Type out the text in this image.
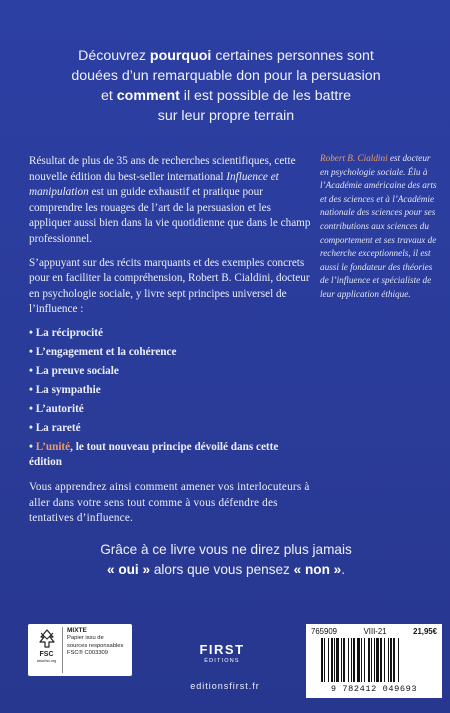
Découvrez pourquoi certaines personnes sont
douées d’un remarquable don pour la persuasion
et comment il est possible de les battre
sur leur propre terrain

Résultat de plus de 35 ans de recherches scientifiques, cette nouvelle édition du best-seller international Influence et manipulation est un guide exhaustif et pratique pour comprendre les rouages de l’art de la persuasion et les appliquer aussi bien dans la vie quotidienne que dans le champ professionnel.

S’appuyant sur des récits marquants et des exemples concrets pour en faciliter la compréhension, Robert B. Cialdini, docteur en psychologie sociale, y livre sept principes universel de l’influence :

• La réciprocité
• L’engagement et la cohérence
• La preuve sociale
• La sympathie
• L’autorité
• La rareté
• L’unité, le tout nouveau principe dévoilé dans cette édition

Vous apprendrez ainsi comment amener vos interlocuteurs à aller dans votre sens tout comme à vous défendre des tentatives d’influence.

Robert B. Cialdini est docteur en psychologie sociale. Élu à l’Académie américaine des arts et des sciences et à l’Académie nationale des sciences pour ses contributions aux sciences du comportement et ses travaux de recherche exceptionnels, il est aussi le fondateur des théories de l’influence et spécialiste de leur application éthique.
Grâce à ce livre vous ne direz plus jamais
« oui » alors que vous pensez « non ».
FSC
www.fsc.org
MIXTE
Papier issu de
sources responsables
FSC® C003309	FIRST
ÉDITIONS
editionsfirst.fr
765909	VIII-21	21,95€
9 782412 049693
